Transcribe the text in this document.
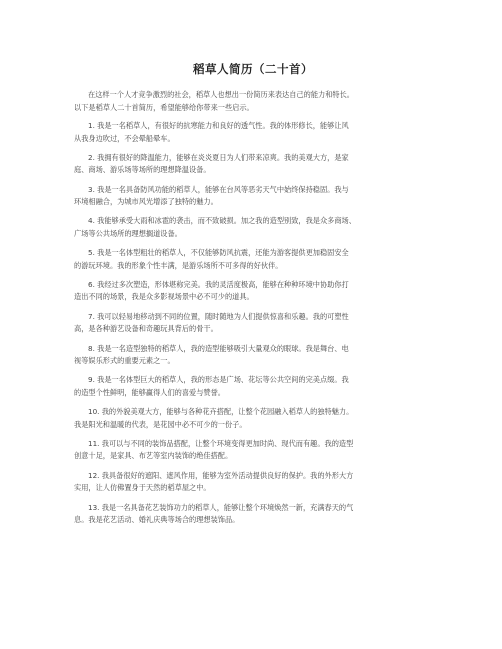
稻草人简历（二十首）
在这样一个人才竞争激烈的社会，稻草人也想出一份简历来表达自己的能力和特长。
以下是稻草人二十首简历，希望能够给你带来一些启示。
1. 我是一名稻草人，有很好的抗寒能力和良好的透气性。我的体形修长，能够让风
从我身边吹过，不会晕船晕车。
2. 我拥有很好的降温能力，能够在炎炎夏日为人们带来凉爽。我的美观大方，是家
庭、商场、游乐场等场所的理想降温设备。
3. 我是一名具备防风功能的稻草人，能够在台风等恶劣天气中始终保持稳固。我与
环境相融合，为城市风光增添了独特的魅力。
4. 我能够承受大雨和冰雹的袭击，而不致破损。加之我的造型别致，我是众多商场、
广场等公共场所的理想搁道设备。
5. 我是一名体型粗壮的稻草人，不仅能够防风抗震，还能为游客提供更加稳固安全
的游玩环境。我的形象个性丰满，是游乐场所不可多得的好伙伴。
6. 我经过多次塑造，形体堪称完美。我的灵活度极高，能够在种种环境中协助你打
造出不同的场景，我是众多影视场景中必不可少的道具。
7. 我可以轻易地移动到不同的位置，随时随地为人们提供惊喜和乐趣。我的可塑性
高，是各种游艺设备和奇趣玩具背后的骨干。
8. 我是一名造型独特的稻草人，我的造型能够吸引大量观众的眼球。我是舞台、电
视等娱乐形式的重要元素之一。
9. 我是一名体型巨大的稻草人，我的形态是广场、花坛等公共空间的完美点缀。我
的造型个性鲜明，能够赢得人们的喜爱与赞誉。
10. 我的外貌美观大方，能够与各种花卉搭配，让整个花园融入稻草人的独特魅力。
我是阳光和温暖的代表，是花园中必不可少的一份子。
11. 我可以与不同的装饰品搭配，让整个环境变得更加时尚、现代而有趣。我的造型
创意十足，是家具、布艺等室内装饰的绝佳搭配。
12. 我具备很好的遮阳、遮风作用，能够为室外活动提供良好的保护。我的外形大方
实用，让人仿佛置身于天然的稻草屋之中。
13. 我是一名具备花艺装饰功力的稻草人，能够让整个环境焕然一新，充满春天的气
息。我是花艺活动、婚礼庆典等场合的理想装饰品。
